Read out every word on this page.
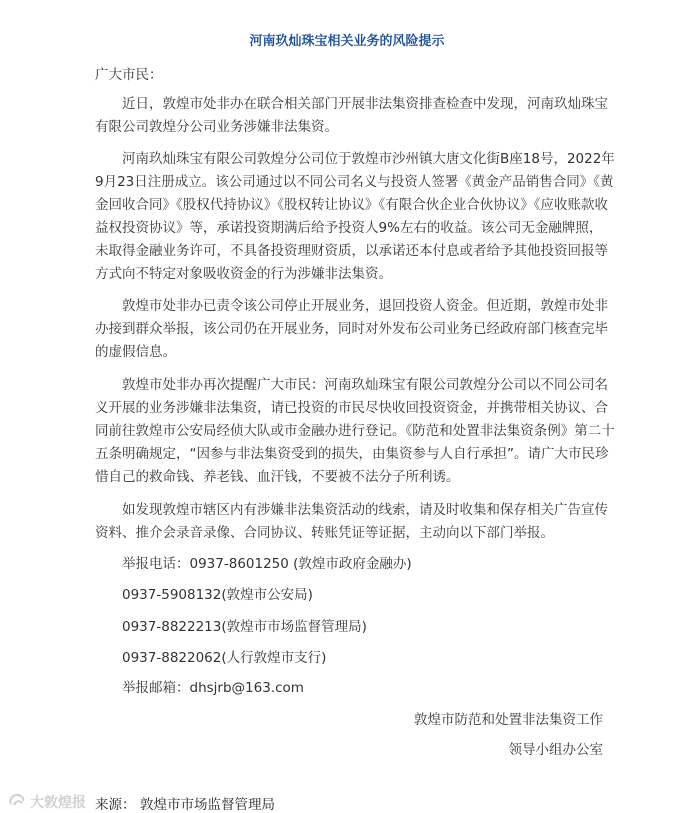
河南玖灿珠宝相关业务的风险提示

广大市民：

近日，敦煌市处非办在联合相关部门开展非法集资排查检查中发现，河南玖灿珠宝有限公司敦煌分公司业务涉嫌非法集资。

河南玖灿珠宝有限公司敦煌分公司位于敦煌市沙州镇大唐文化街B座18号，2022年9月23日注册成立。该公司通过以不同公司名义与投资人签署《黄金产品销售合同》《黄金回收合同》《股权代持协议》《股权转让协议》《有限合伙企业合伙协议》《应收账款收益权投资协议》等，承诺投资期满后给予投资人9%左右的收益。该公司无金融牌照，未取得金融业务许可，不具备投资理财资质，以承诺还本付息或者给予其他投资回报等方式向不特定对象吸收资金的行为涉嫌非法集资。

敦煌市处非办已责令该公司停止开展业务，退回投资人资金。但近期，敦煌市处非办接到群众举报，该公司仍在开展业务，同时对外发布公司业务已经政府部门核查完毕的虚假信息。

敦煌市处非办再次提醒广大市民：河南玖灿珠宝有限公司敦煌分公司以不同公司名义开展的业务涉嫌非法集资，请已投资的市民尽快收回投资资金，并携带相关协议、合同前往敦煌市公安局经侦大队或市金融办进行登记。《防范和处置非法集资条例》第二十五条明确规定，“因参与非法集资受到的损失，由集资参与人自行承担”。请广大市民珍惜自己的救命钱、养老钱、血汗钱，不要被不法分子所利诱。

如发现敦煌市辖区内有涉嫌非法集资活动的线索，请及时收集和保存相关广告宣传资料、推介会录音录像、合同协议、转账凭证等证据，主动向以下部门举报。

举报电话：0937-8601250 (敦煌市政府金融办)

0937-5908132(敦煌市公安局)

0937-8822213(敦煌市市场监督管理局)

0937-8822062(人行敦煌市支行)

举报邮箱：dhsjrb@163.com

敦煌市防范和处置非法集资工作
领导小组办公室
大敦煌报 来源： 敦煌市市场监督管理局
